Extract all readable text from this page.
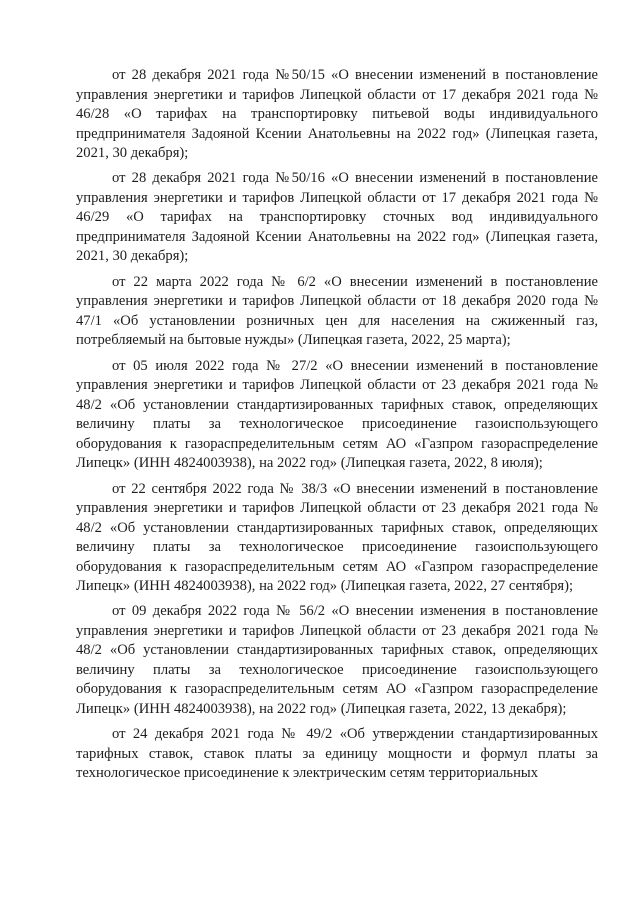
от 28 декабря 2021 года №50/15 «О внесении изменений в постановление управления энергетики и тарифов Липецкой области от 17 декабря 2021 года № 46/28 «О тарифах на транспортировку питьевой воды индивидуального предпринимателя Задояной Ксении Анатольевны на 2022 год» (Липецкая газета, 2021, 30 декабря);

от 28 декабря 2021 года №50/16 «О внесении изменений в постановление управления энергетики и тарифов Липецкой области от 17 декабря 2021 года № 46/29 «О тарифах на транспортировку сточных вод индивидуального предпринимателя Задояной Ксении Анатольевны на 2022 год» (Липецкая газета, 2021, 30 декабря);

от 22 марта 2022 года № 6/2 «О внесении изменений в постановление управления энергетики и тарифов Липецкой области от 18 декабря 2020 года № 47/1 «Об установлении розничных цен для населения на сжиженный газ, потребляемый на бытовые нужды» (Липецкая газета, 2022, 25 марта);

от 05 июля 2022 года № 27/2 «О внесении изменений в постановление управления энергетики и тарифов Липецкой области от 23 декабря 2021 года № 48/2 «Об установлении стандартизированных тарифных ставок, определяющих величину платы за технологическое присоединение газоиспользующего оборудования к газораспределительным сетям АО «Газпром газораспределение Липецк» (ИНН 4824003938), на 2022 год» (Липецкая газета, 2022, 8 июля);

от 22 сентября 2022 года № 38/3 «О внесении изменений в постановление управления энергетики и тарифов Липецкой области от 23 декабря 2021 года № 48/2 «Об установлении стандартизированных тарифных ставок, определяющих величину платы за технологическое присоединение газоиспользующего оборудования к газораспределительным сетям АО «Газпром газораспределение Липецк» (ИНН 4824003938), на 2022 год» (Липецкая газета, 2022, 27 сентября);

от 09 декабря 2022 года № 56/2 «О внесении изменения в постановление управления энергетики и тарифов Липецкой области от 23 декабря 2021 года № 48/2 «Об установлении стандартизированных тарифных ставок, определяющих величину платы за технологическое присоединение газоиспользующего оборудования к газораспределительным сетям АО «Газпром газораспределение Липецк» (ИНН 4824003938), на 2022 год» (Липецкая газета, 2022, 13 декабря);

от 24 декабря 2021 года № 49/2 «Об утверждении стандартизированных тарифных ставок, ставок платы за единицу мощности и формул платы за технологическое присоединение к электрическим сетям территориальных
